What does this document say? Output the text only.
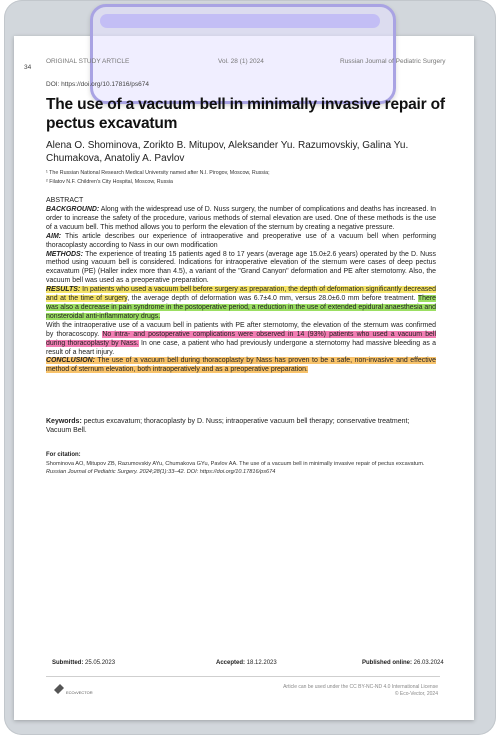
ORIGINAL STUDY ARTICLE	Vol. 28 (1) 2024	Russian Journal of Pediatric Surgery
34
DOI: https://doi.org/10.17816/ps674
The use of a vacuum bell in minimally invasive repair of pectus excavatum
Alena O. Shominova, Zorikto B. Mitupov, Aleksander Yu. Razumovskiy, Galina Yu. Chumakova, Anatoliy A. Pavlov
¹ The Russian National Research Medical University named after N.I. Pirogov, Moscow, Russia;
² Filatov N.F. Children's City Hospital, Moscow, Russia
ABSTRACT

BACKGROUND: Along with the widespread use of D. Nuss surgery, the number of complications and deaths has increased. In order to increase the safety of the procedure, various methods of sternal elevation are used. One of these methods is the use of a vacuum bell. This method allows you to perform the elevation of the sternum by creating a negative pressure.

AIM: This article describes our experience of intraoperative and preoperative use of a vacuum bell when performing thoracoplasty according to Nass in our own modification

METHODS: The experience of treating 15 patients aged 8 to 17 years (average age 15.0±2.6 years) operated by the D. Nuss method using vacuum bell is considered. Indications for intraoperative elevation of the sternum were cases of deep pectus excavatum (PE) (Haller index more than 4.5), a variant of the "Grand Canyon" deformation and PE after sternotomy. Also, the vacuum bell was used as a preoperative preparation.

RESULTS: In patients who used a vacuum bell before surgery as preparation, the depth of deformation significantly decreased and at the time of surgery, the average depth of deformation was 6.7±4.0 mm, versus 28.0±6.0 mm before treatment. There was also a decrease in pain syndrome in the postoperative period, a reduction in the use of extended epidural anaesthesia and nonsteroidal anti-inflammatory drugs.

With the intraoperative use of a vacuum bell in patients with PE after sternotomy, the elevation of the sternum was confirmed by thoracoscopy. No intra- and postoperative complications were observed in 14 (93%) patients who used a vacuum bell during thoracoplasty by Nass. In one case, a patient who had previously undergone a sternotomy had massive bleeding as a result of a heart injury.

CONCLUSION: The use of a vacuum bell during thoracoplasty by Nass has proven to be a safe, non-invasive and effective method of sternum elevation, both intraoperatively and as a preoperative preparation.

Keywords: pectus excavatum; thoracoplasty by D. Nuss; intraoperative vacuum bell therapy; conservative treatment; Vacuum Bell.
For citation:
Shominova AO, Mitupov ZB, Razumovskiy AYu, Chumakova GYu, Pavlov AA. The use of a vacuum bell in minimally invasive repair of pectus excavatum.
Russian Journal of Pediatric Surgery. 2024;28(1):33–42. DOI: https://doi.org/10.17816/ps674
Submitted: 25.05.2023	Accepted: 18.12.2023	Published online: 26.03.2024
ECO•VECTOR
Article can be used under the CC BY-NC-ND 4.0 International License
© Eco-Vector, 2024
